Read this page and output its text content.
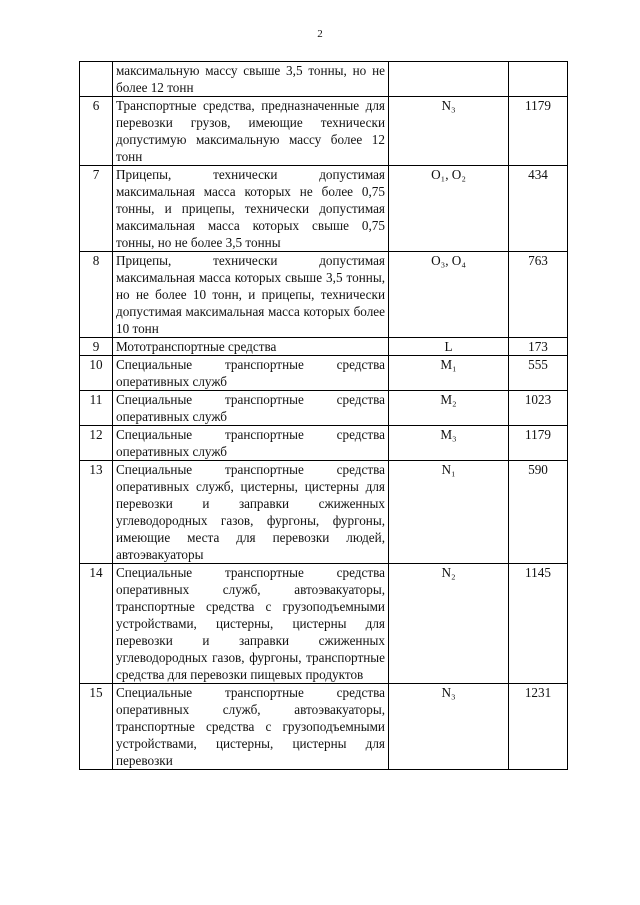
2
	максимальную массу свыше 3,5 тонны, но не более 12 тонн		
6	Транспортные средства, предназначенные для перевозки грузов, имеющие технически допустимую максимальную массу более 12 тонн	N₃	1179
7	Прицепы, технически допустимая максимальная масса которых не более 0,75 тонны, и прицепы, технически допустимая максимальная масса которых свыше 0,75 тонны, но не более 3,5 тонны	O₁, O₂	434
8	Прицепы, технически допустимая максимальная масса которых свыше 3,5 тонны, но не более 10 тонн, и прицепы, технически допустимая максимальная масса которых более 10 тонн	O₃, O₄	763
9	Мототранспортные средства	L	173
10	Специальные транспортные средства оперативных служб	M₁	555
11	Специальные транспортные средства оперативных служб	M₂	1023
12	Специальные транспортные средства оперативных служб	M₃	1179
13	Специальные транспортные средства оперативных служб, цистерны, цистерны для перевозки и заправки сжиженных углеводородных газов, фургоны, фургоны, имеющие места для перевозки людей, автоэвакуаторы	N₁	590
14	Специальные транспортные средства оперативных служб, автоэвакуаторы, транспортные средства с грузоподъемными устройствами, цистерны, цистерны для перевозки и заправки сжиженных углеводородных газов, фургоны, транспортные средства для перевозки пищевых продуктов	N₂	1145
15	Специальные транспортные средства оперативных служб, автоэвакуаторы, транспортные средства с грузоподъемными устройствами, цистерны, цистерны для перевозки	N₃	1231
